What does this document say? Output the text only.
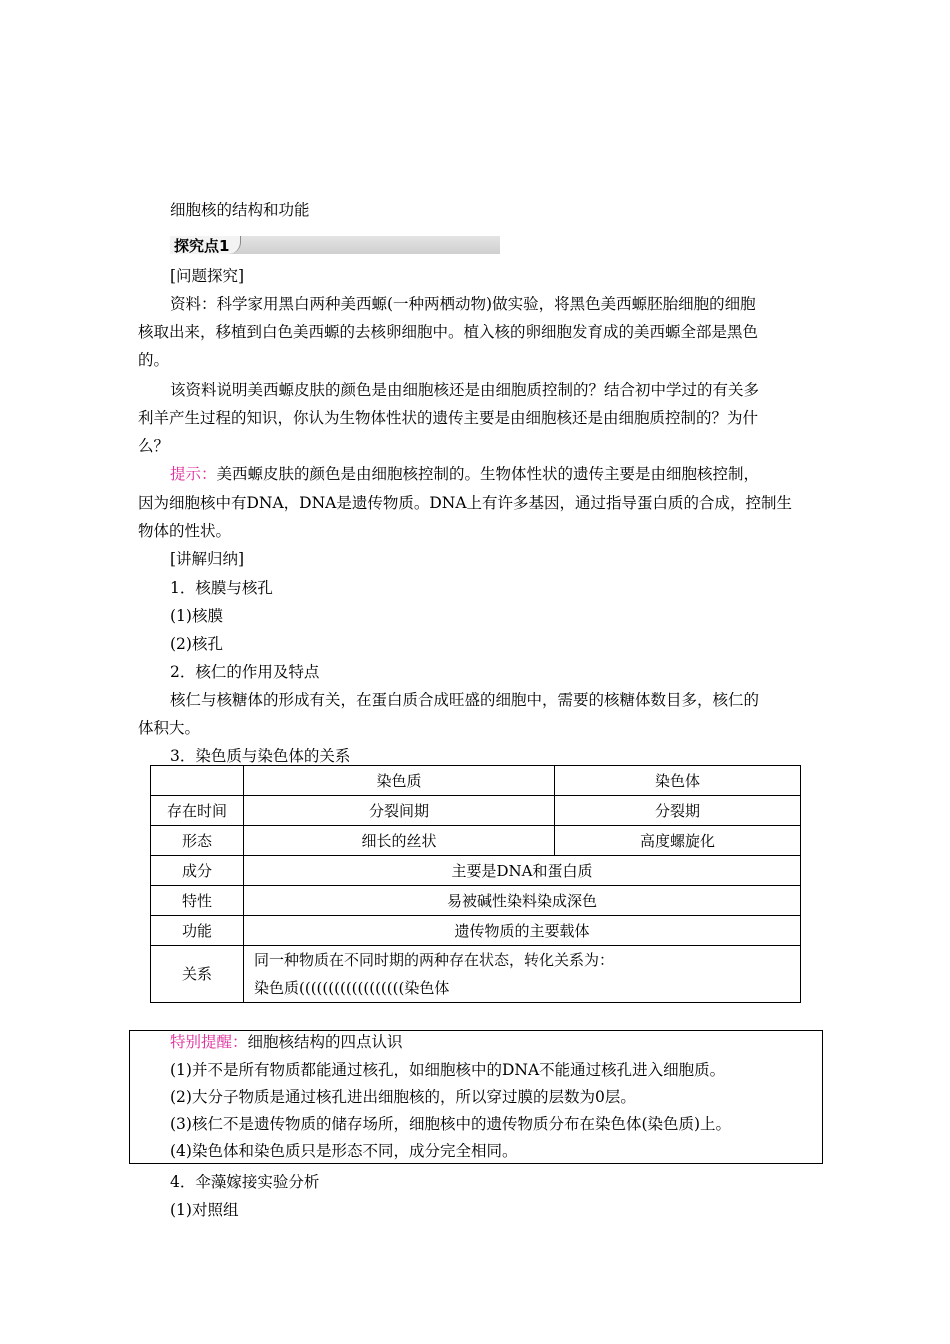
细胞核的结构和功能
探究点1
[问题探究]
资料：科学家用黑白两种美西螈(一种两栖动物)做实验，将黑色美西螈胚胎细胞的细胞
核取出来，移植到白色美西螈的去核卵细胞中。植入核的卵细胞发育成的美西螈全部是黑色
的。
该资料说明美西螈皮肤的颜色是由细胞核还是由细胞质控制的？结合初中学过的有关多
利羊产生过程的知识，你认为生物体性状的遗传主要是由细胞核还是由细胞质控制的？为什
么？
提示：美西螈皮肤的颜色是由细胞核控制的。生物体性状的遗传主要是由细胞核控制，
因为细胞核中有DNA，DNA是遗传物质。DNA上有许多基因，通过指导蛋白质的合成，控制生
物体的性状。
[讲解归纳]
1．核膜与核孔
(1)核膜
(2)核孔
2．核仁的作用及特点
核仁与核糖体的形成有关，在蛋白质合成旺盛的细胞中，需要的核糖体数目多，核仁的
体积大。
3．染色质与染色体的关系
	染色质	染色体
存在时间	分裂间期	分裂期
形态	细长的丝状	高度螺旋化
成分	主要是DNA和蛋白质	
特性	易被碱性染料染成深色	
功能	遗传物质的主要载体	
关系	同一种物质在不同时期的两种存在状态，转化关系为：
染色质((((((((((((((((((染色体	
特别提醒：细胞核结构的四点认识
(1)并不是所有物质都能通过核孔，如细胞核中的DNA不能通过核孔进入细胞质。
(2)大分子物质是通过核孔进出细胞核的，所以穿过膜的层数为0层。
(3)核仁不是遗传物质的储存场所，细胞核中的遗传物质分布在染色体(染色质)上。
(4)染色体和染色质只是形态不同，成分完全相同。
4．伞藻嫁接实验分析
(1)对照组
